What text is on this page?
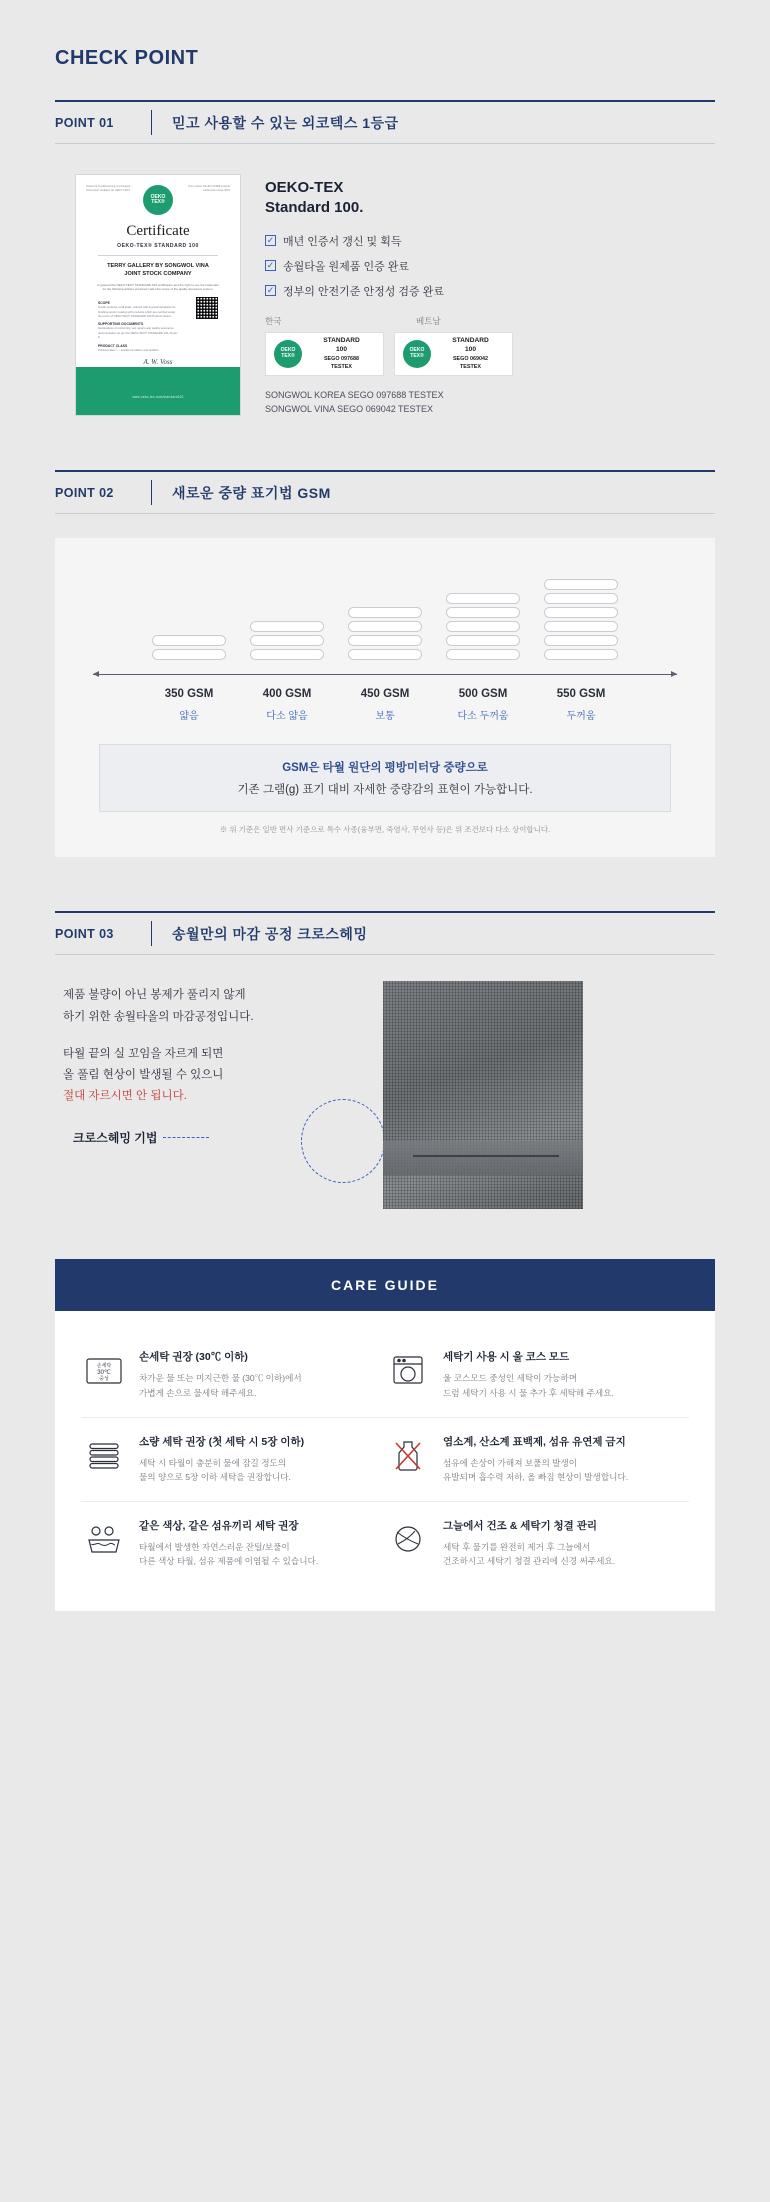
CHECK POINT
POINT 01	믿고 사용할 수 있는 외코텍스 1등급
Institut für Textilforschung und Analytik - Hohenstein Testlabor für OEKO-TEX®
OEKO
TEX®
Test number 09.HKO.97688 Institute Hohenstein Issue 2019
Certificate
OEKO-TEX® STANDARD 100
TERRY GALLERY BY SONGWOL VINA
JOINT STOCK COMPANY
is granted the OEKO-TEX® STANDARD 100 certification and the right to use the trademark for the following articles produced under the scope of the quality assurance system.
SCOPE
Textile products of all kinds, colored with dyestuff standards for finishing and/or coating with products which are certified under the terms of OEKO-TEX® STANDARD 100 Product Class I.
SUPPORTING DOCUMENTS
Declarations of conformity, test reports and quality assurance documentation as per the OEKO-TEX® STANDARD 100, Annex 6.
PRODUCT CLASS
Product class I — articles for babies and toddlers
A. W. Voss
www.oeko-tex.com/standard100
OEKO-TEX
Standard 100.
✓ 매년 인증서 갱신 및 획득
✓ 송월타올 원제품 인증 완료
✓ 정부의 안전기준 안정성 검증 완료
한국	베트남
OEKO
TEX®
STANDARD
100
SEGO 097688
TESTEX
OEKO
TEX®
STANDARD
100
SEGO 069042
TESTEX
SONGWOL KOREA SEGO 097688 TESTEX
SONGWOL VINA SEGO 069042 TESTEX
POINT 02	새로운 중량 표기법 GSM
350 GSM
얇음
400 GSM
다소 얇음
450 GSM
보통
500 GSM
다소 두꺼움
550 GSM
두꺼움
GSM은 타월 원단의 평방미터당 중량으로
기존 그램(g) 표기 대비 자세한 중량감의 표현이 가능합니다.
※ 위 기준은 일반 면사 기준으로 특수 사종(융부면, 죽염사, 무연사 등)은 위 조건보다 다소 상이합니다.
POINT 03	송월만의 마감 공정 크로스헤밍
제품 불량이 아닌 봉제가 풀리지 않게
하기 위한 송월타올의 마감공정입니다.
타월 끝의 실 꼬임을 자르게 되면
올 풀림 현상이 발생될 수 있으니
절대 자르시면 안 됩니다.
크로스헤밍 기법
CARE GUIDE
손세탁
30℃
중성
손세탁 권장 (30℃ 이하)
차가운 물 또는 미지근한 물 (30℃ 이하)에서
가볍게 손으로 물세탁 해주세요.
세탁기 사용 시 울 코스 모드
울 코스모드 중성인 세탁이 가능하며
드럼 세탁기 사용 시 물 추가 후 세탁해 주세요.
소량 세탁 권장 (첫 세탁 시 5장 이하)
세탁 시 타월이 충분히 물에 잠길 정도의
물의 양으로 5장 이하 세탁을 권장합니다.
염소계, 산소계 표백제, 섬유 유연제 금지
섬유에 손상이 가해져 보풀의 발생이
유발되며 흡수력 저하, 올 빠짐 현상이 발생합니다.
같은 색상, 같은 섬유끼리 세탁 권장
타월에서 발생한 자연스러운 잔털/보풀이
다른 색상 타월, 섬유 제품에 이염될 수 있습니다.
그늘에서 건조 & 세탁기 청결 관리
세탁 후 물기를 완전히 제거 후 그늘에서
건조하시고 세탁기 청결 관리에 신경 써주세요.
